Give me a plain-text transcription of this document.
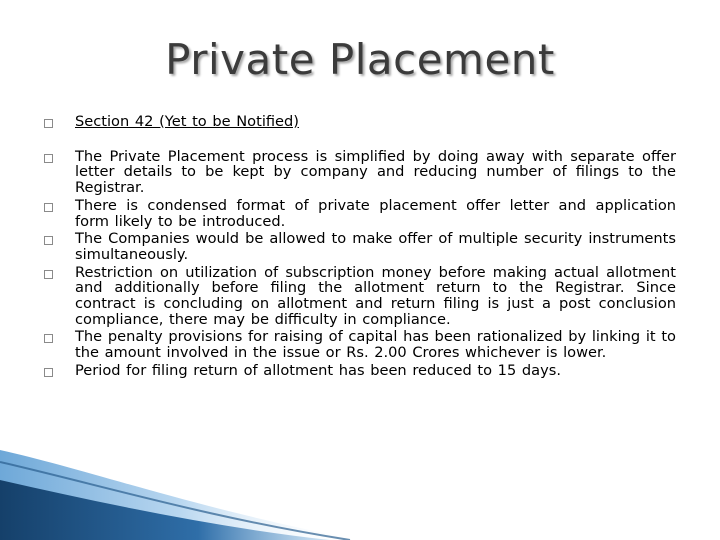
Private Placement
Section 42 (Yet to be Notified)
The Private Placement process is simplified by doing away with separate offer letter details to be kept by company and reducing number of filings to the Registrar.
There is condensed format of private placement offer letter and application form likely to be introduced.
The Companies would be allowed to make offer of multiple security instruments simultaneously.
Restriction on utilization of subscription money before making actual allotment and additionally before filing the allotment return to the Registrar. Since contract is concluding on allotment and return filing is just a post conclusion compliance, there may be difficulty in compliance.
The penalty provisions for raising of capital has been rationalized by linking it to the amount involved in the issue or Rs. 2.00 Crores whichever is lower.
Period for filing return of allotment has been reduced to 15 days.
